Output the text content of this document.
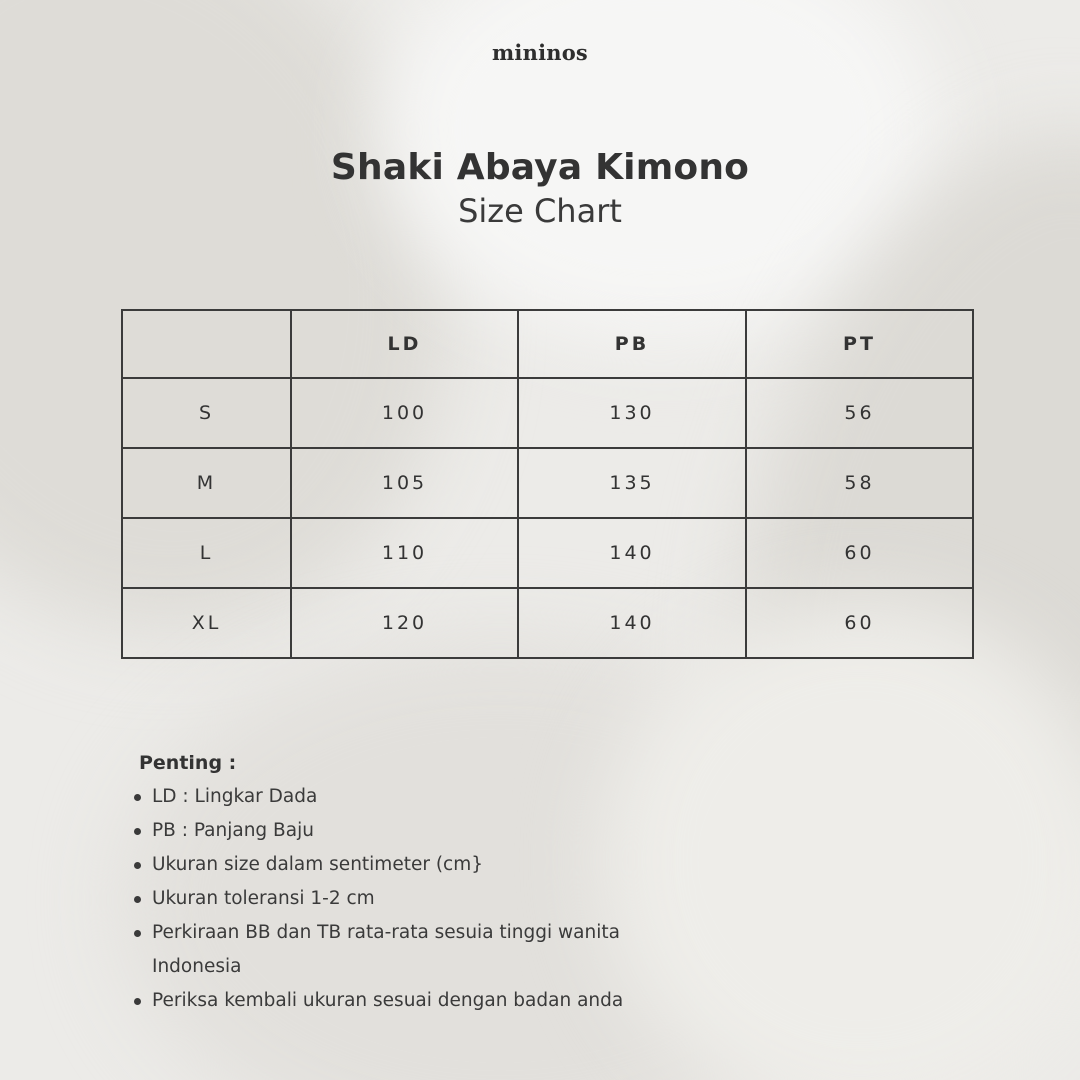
mininos
Shaki Abaya Kimono
Size Chart
	LD	PB	PT
S	100	130	56
M	105	135	58
L	110	140	60
XL	120	140	60
Penting :
LD : Lingkar Dada
PB : Panjang Baju
Ukuran size dalam sentimeter (cm}
Ukuran toleransi 1-2 cm
Perkiraan BB dan TB rata-rata sesuia tinggi wanita Indonesia
Periksa kembali ukuran sesuai dengan badan anda
